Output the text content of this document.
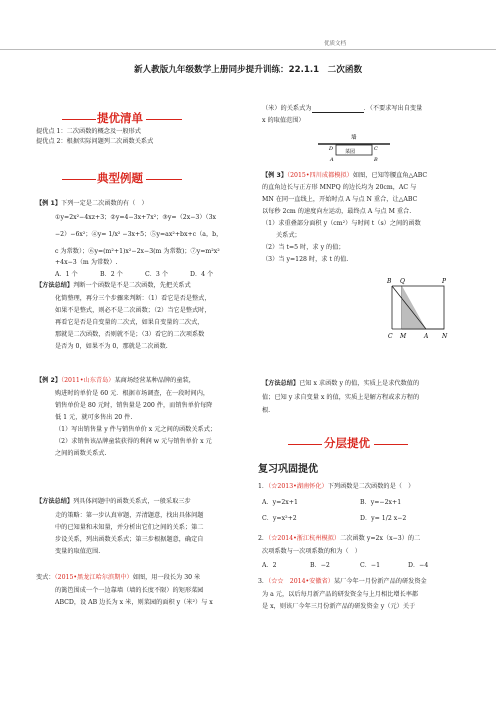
优质文档
新人教版九年级数学上册同步提升训练：22.1.1　二次函数
提优清单
提优点 1：二次函数的概念及一般形式
提优点 2：根据实际问题列二次函数关系式
典型例题
【例 1】下列一定是二次函数的有（　）
①y=2x²−4xz+3；②y=4−3x+7x²；③y=（2x−3）（3x
−2）−6x²；④y= 1/x² −3x+5；⑤y=ax²+bx+c（a，b，
c 为常数）；⑥y=(m²+1)x²−2x−3(m 为常数)；⑦y=m²x²
+4x−3（m 为常数）.
A．1 个	B．2 个	C．3 个	D．4 个
【方法总结】判断一个函数是不是二次函数，先把关系式
化简整理，再分三个步骤来判断：（1）看它是否是整式，
如果不是整式，则必不是二次函数；（2）当它是整式时，
再看它是否是自变量的二次式，如果自变量的二次式，
那就是二次函数，否则就不是；（3）看它的二次项系数
是否为 0，如果不为 0，那就是二次函数.
【例 2】（2011•山东青岛）某商场经营某种品牌的童装，
购进时的单价是 60 元．根据市场调查，在一段时间内，
销售单价是 80 元时，销售量是 200 件，而销售单价每降
低 1 元，就可多售出 20 件.
（1）写出销售量 y 件与销售单价 x 元之间的函数关系式；
（2）求销售该品牌童装获得的利润 w 元与销售单价 x 元
之间的函数关系式.
【方法总结】列具体问题中的函数关系式，一般采取三步
走的策略：第一步认真审题，弄清题意，找出具体问题
中的已知量和未知量，并分析出它们之间的关系；第二
步设关系，列出函数关系式；第三步根据题意，确定自
变量的取值范围.
变式：（2015•黑龙江哈尔滨期中）如图，用一段长为 30 米
的篱笆围成一个一边靠墙（墙的长度不限）的矩形菜园
ABCD，设 AB 边长为 x 米，则菜园的面积 y（米²）与 x
（米）的关系式为	．（不要求写出自变量
x 的取值范围）
墙
菜园
D	C
A	B
【例 3】（2015•四川成都模拟）如图，已知等腰直角△ABC
的直角边长与正方形 MNPQ 的边长均为 20cm，AC 与
MN 在同一直线上，开始时点 A 与点 N 重合，让△ABC
以每秒 2cm 的速度向左运动，最终点 A 与点 M 重合.
（1）求重叠部分面积 y（cm²）与时间 t（s）之间的函数
关系式；
（2）当 t=5 时，求 y 的值；
（3）当 y=128 时，求 t 的值.
B Q	P
C M	A N
【方法总结】已知 x 求函数 y 的值，实质上是求代数值的
值；已知 y 求自变量 x 的值，实质上是解方程或求方程的
根.
分层提优
复习巩固提优
1．（☆2013•湖南怀化）下列函数是二次函数的是（　）
A．y=2x+1	B．y=−2x+1
C．y=x²+2	D．y= 1/2 x−2
2．（☆2014•浙江杭州模拟）二次函数 y=2x（x−3）的二
次项系数与一次项系数的和为（　）
A．2	B．−2	C．−1	D．−4
3．（☆☆　2014•安徽省）某厂今年一月份新产品的研发资金
为 a 元，以后每月新产品的研发资金与上月相比增长率都
是 x，则该厂今年三月份新产品的研发资金 y（元）关于
